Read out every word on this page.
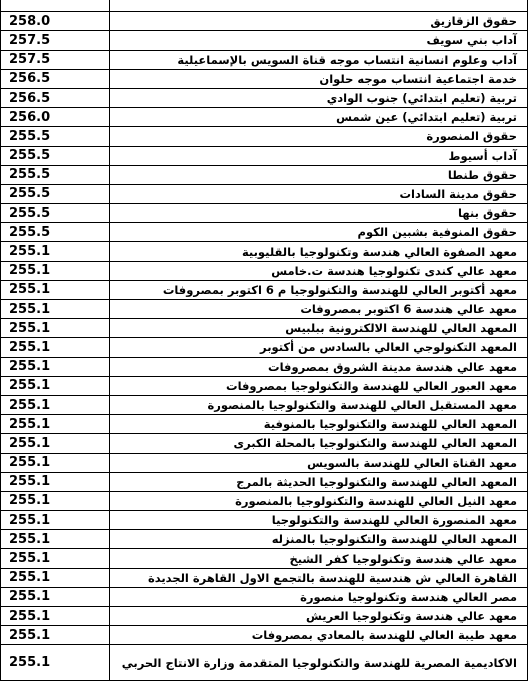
258.0	حقوق الزقازيق
257.5	آداب بني سويف
257.5	آداب وعلوم انسانية انتساب موجه قناة السويس بالإسماعيلية
256.5	خدمة اجتماعية انتساب موجه حلوان
256.5	تربية (تعليم ابتدائي) جنوب الوادي
256.0	تربية (تعليم ابتدائي) عين شمس
255.5	حقوق المنصورة
255.5	آداب أسيوط
255.5	حقوق طنطا
255.5	حقوق مدينة السادات
255.5	حقوق بنها
255.5	حقوق المنوفية بشبين الكوم
255.1	معهد الصفوة العالي هندسة وتكنولوجيا بالقليوبية
255.1	معهد عالي كندى تكنولوجيا هندسة ت.خامس
255.1	معهد أكتوبر العالي للهندسة والتكنولوجيا م 6 اكتوبر بمصروفات
255.1	معهد عالي هندسة 6 اكتوبر بمصروفات
255.1	المعهد العالي للهندسة الالكترونية ببلبيس
255.1	المعهد التكنولوجي العالي بالسادس من أكتوبر
255.1	معهد عالي هندسة مدينة الشروق بمصروفات
255.1	معهد العبور العالي للهندسة والتكنولوجيا بمصروفات
255.1	معهد المستقبل العالي للهندسة والتكنولوجيا بالمنصورة
255.1	المعهد العالي للهندسة والتكنولوجيا بالمنوفية
255.1	المعهد العالي للهندسة والتكنولوجيا بالمحلة الكبرى
255.1	معهد القناة العالي للهندسة بالسويس
255.1	المعهد العالي للهندسة والتكنولوجيا الحديثة بالمرج
255.1	معهد النيل العالي للهندسة والتكنولوجيا بالمنصورة
255.1	معهد المنصورة العالي للهندسة والتكنولوجيا
255.1	المعهد العالي للهندسة والتكنولوجيا بالمنزله
255.1	معهد عالي هندسة وتكنولوجيا كفر الشيخ
255.1	القاهرة العالي ش هندسية للهندسة بالتجمع الاول القاهرة الجديدة
255.1	مصر العالي هندسة وتكنولوجيا منصورة
255.1	معهد عالي هندسة وتكنولوجيا العريش
255.1	معهد طيبة العالي للهندسة بالمعادي بمصروفات
255.1	الاكاديمية المصرية للهندسة والتكنولوجيا المتقدمة وزارة الانتاج الحربي
